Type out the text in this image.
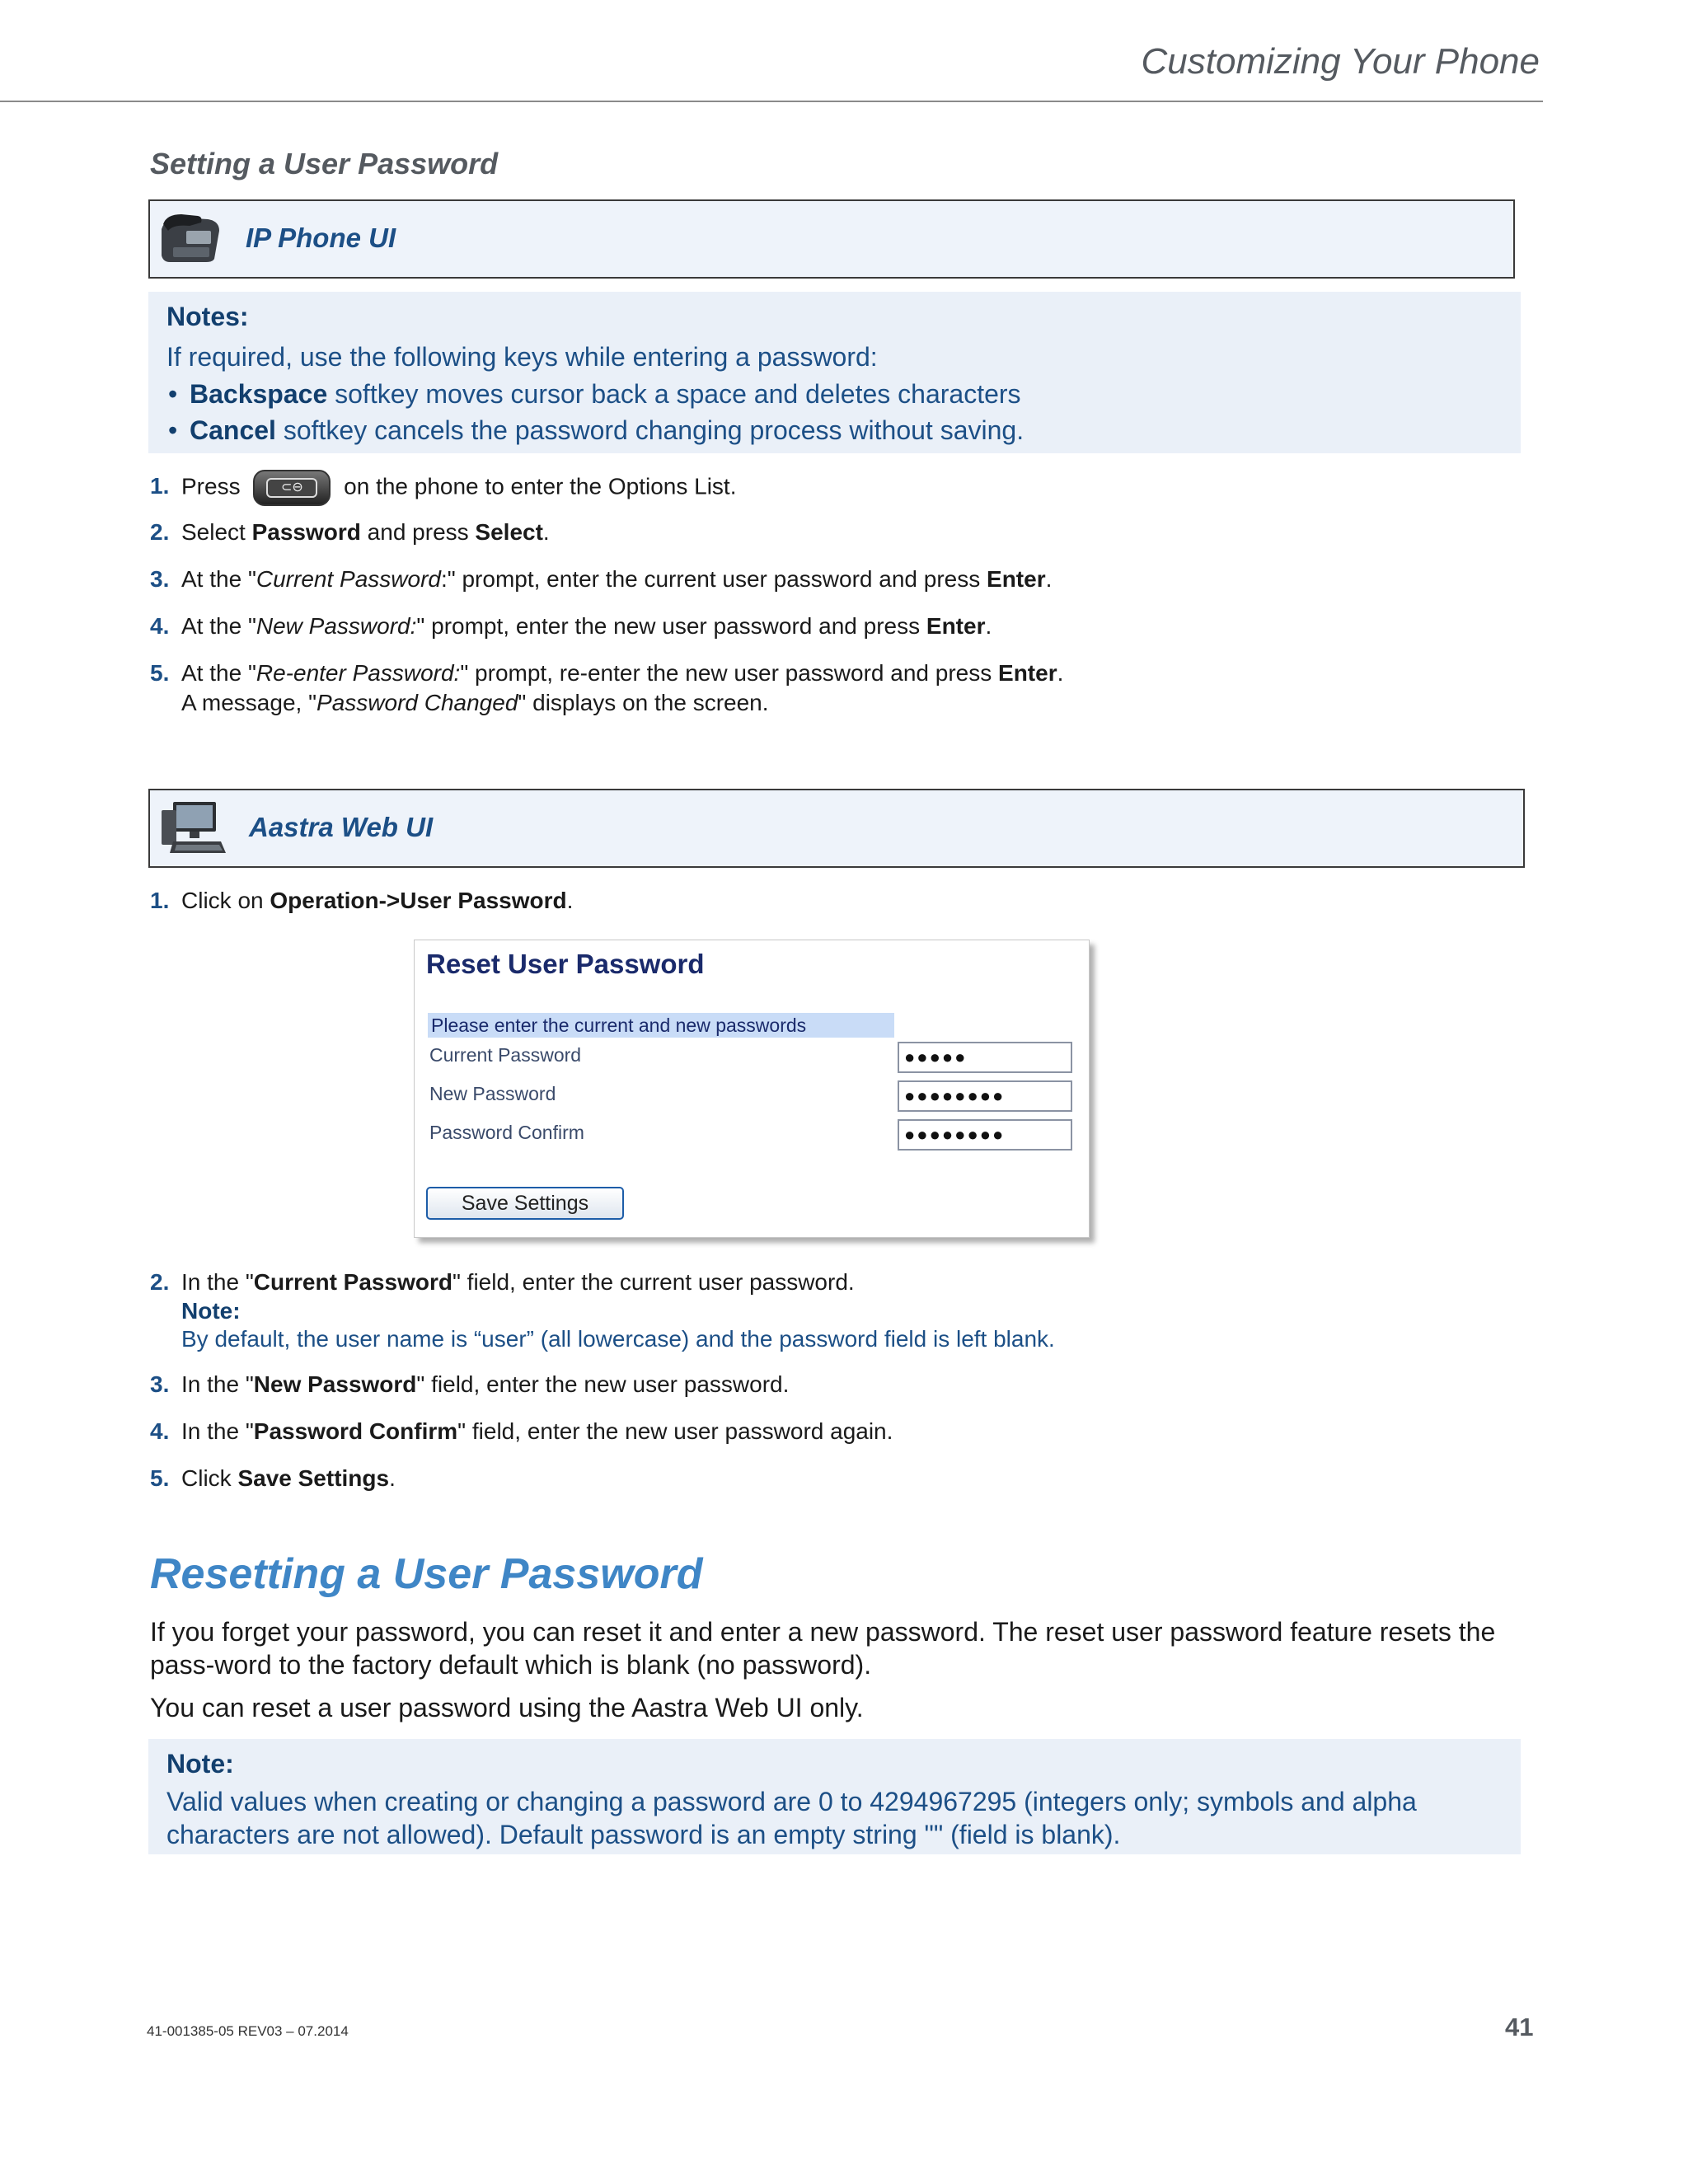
Customizing Your Phone
Setting a User Password
IP Phone UI
Notes:

If required, use the following keys while entering a password:

• Backspace softkey moves cursor back a space and deletes characters
• Cancel softkey cancels the password changing process without saving.
1. Press	⊂⊖	on the phone to enter the Options List.
2. Select Password and press Select.
3. At the "Current Password:" prompt, enter the current user password and press Enter.
4. At the "New Password:" prompt, enter the new user password and press Enter.
5. At the "Re-enter Password:" prompt, re-enter the new user password and press Enter.
A message, "Password Changed" displays on the screen.
Aastra Web UI
1. Click on Operation->User Password.
Reset User Password
Please enter the current and new passwords
Current Password	●●●●●
New Password	●●●●●●●●
Password Confirm	●●●●●●●●
Save Settings
2. In the "Current Password" field, enter the current user password.
Note:
By default, the user name is “user” (all lowercase) and the password field is left blank.
3. In the "New Password" field, enter the new user password.
4. In the "Password Confirm" field, enter the new user password again.
5. Click Save Settings.
Resetting a User Password
If you forget your password, you can reset it and enter a new password. The reset user password feature resets the pass-word to the factory default which is blank (no password).
You can reset a user password using the Aastra Web UI only.
Note:

Valid values when creating or changing a password are 0 to 4294967295 (integers only; symbols and alpha characters are not allowed). Default password is an empty string "" (field is blank).

41-001385-05 REV03 – 07.2014	41
